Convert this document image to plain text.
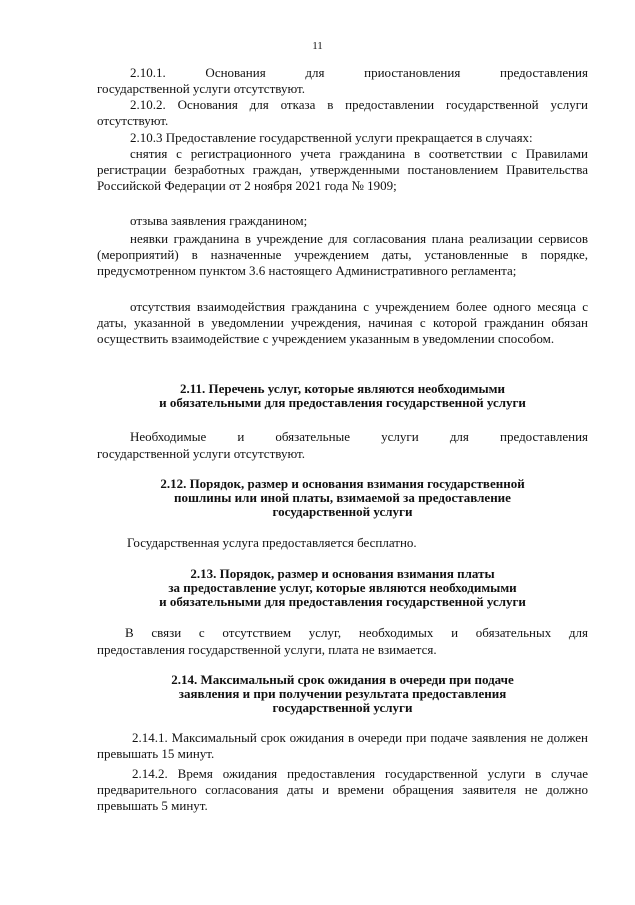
11
2.10.1. Основания для приостановления предоставления
государственной услуги отсутствуют.
2.10.2. Основания для отказа в предоставлении государственной услуги отсутствуют.
2.10.3 Предоставление государственной услуги прекращается в случаях:
снятия с регистрационного учета гражданина в соответствии с Правилами регистрации безработных граждан, утвержденными постановлением Правительства Российской Федерации от 2 ноября 2021 года № 1909;
отзыва заявления гражданином;
неявки гражданина в учреждение для согласования плана реализации сервисов (мероприятий) в назначенные учреждением даты, установленные в порядке, предусмотренном пунктом 3.6 настоящего Административного регламента;
отсутствия взаимодействия гражданина с учреждением более одного месяца с даты, указанной в уведомлении учреждения, начиная с которой гражданин обязан осуществить взаимодействие с учреждением указанным в уведомлении способом.
2.11. Перечень услуг, которые являются необходимыми
и обязательными для предоставления государственной услуги
Необходимые и обязательные услуги для предоставления
государственной услуги отсутствуют.
2.12. Порядок, размер и основания взимания государственной
пошлины или иной платы, взимаемой за предоставление
государственной услуги
Государственная услуга предоставляется бесплатно.
2.13. Порядок, размер и основания взимания платы
за предоставление услуг, которые являются необходимыми
и обязательными для предоставления государственной услуги
В связи с отсутствием услуг, необходимых и обязательных для
предоставления государственной услуги, плата не взимается.
2.14. Максимальный срок ожидания в очереди при подаче
заявления и при получении результата предоставления
государственной услуги
2.14.1. Максимальный срок ожидания в очереди при подаче заявления не должен превышать 15 минут.
2.14.2. Время ожидания предоставления государственной услуги в случае предварительного согласования даты и времени обращения заявителя не должно превышать 5 минут.
